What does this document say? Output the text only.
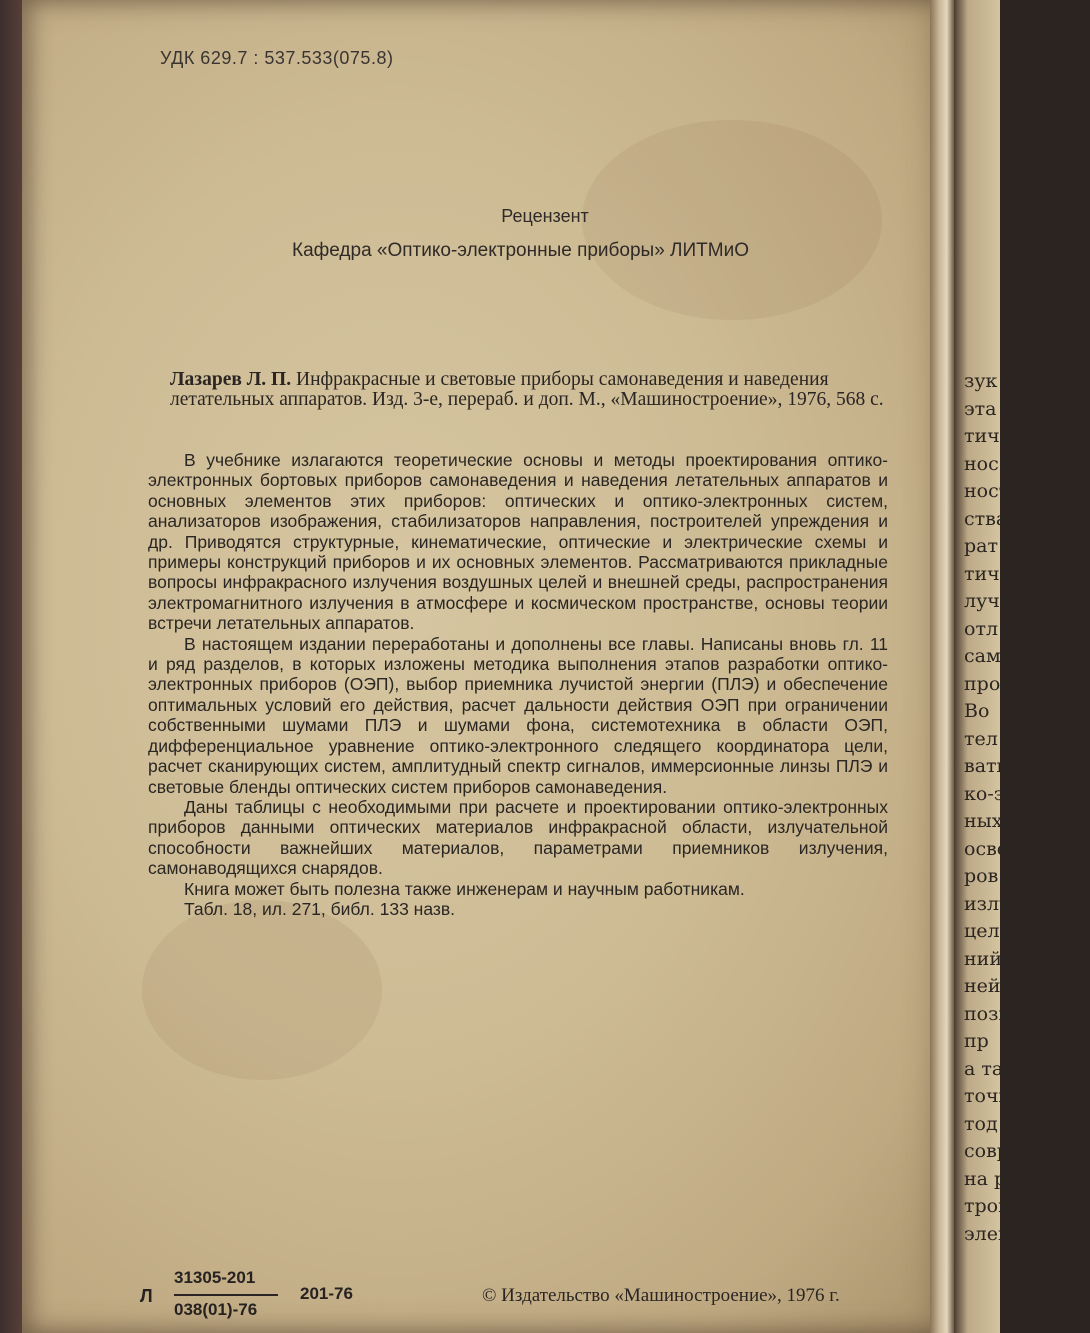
зук
эта
тич
нос
ност
ства
рат
тич
луч
отл
сам
прос
Во
тел
вать
ко-э
ных
осве
ров
излу
цело
ний.
нейш
позв
пр
а так
точно
тод
совре
на ра
тронн
электр
УДК 629.7 : 537.533(075.8)
Рецензент
Кафедра «Оптико-электронные приборы» ЛИТМиО
Лазарев Л. П. Инфракрасные и световые приборы самонаведения и наведения летательных аппаратов. Изд. 3-е, перераб. и доп. М., «Машиностроение», 1976, 568 с.

В учебнике излагаются теоретические основы и методы проектирования оптико-электронных бортовых приборов самонаведения и наведения летательных аппаратов и основных элементов этих приборов: оптических и оптико-электронных систем, анализаторов изображения, стабилизаторов направления, построителей упреждения и др. Приводятся структурные, кинематические, оптические и электрические схемы и примеры конструкций приборов и их основных элементов. Рассматриваются прикладные вопросы инфракрасного излучения воздушных целей и внешней среды, распространения электромагнитного излучения в атмосфере и космическом пространстве, основы теории встречи летательных аппаратов.

В настоящем издании переработаны и дополнены все главы. Написаны вновь гл. 11 и ряд разделов, в которых изложены методика выполнения этапов разработки оптико-электронных приборов (ОЭП), выбор приемника лучистой энергии (ПЛЭ) и обеспечение оптимальных условий его действия, расчет дальности действия ОЭП при ограничении собственными шумами ПЛЭ и шумами фона, системотехника в области ОЭП, дифференциальное уравнение оптико-электронного следящего координатора цели, расчет сканирующих систем, амплитудный спектр сигналов, иммерсионные линзы ПЛЭ и световые бленды оптических систем приборов самонаведения.

Даны таблицы с необходимыми при расчете и проектировании оптико-электронных приборов данными оптических материалов инфракрасной области, излучательной способности важнейших материалов, параметрами приемников излучения, самонаводящихся снарядов.

Книга может быть полезна также инженерам и научным работникам.

Табл. 18, ил. 271, библ. 133 назв.

Л
31305-201
038(01)-76
201-76	© Издательство «Машиностроение», 1976 г.
